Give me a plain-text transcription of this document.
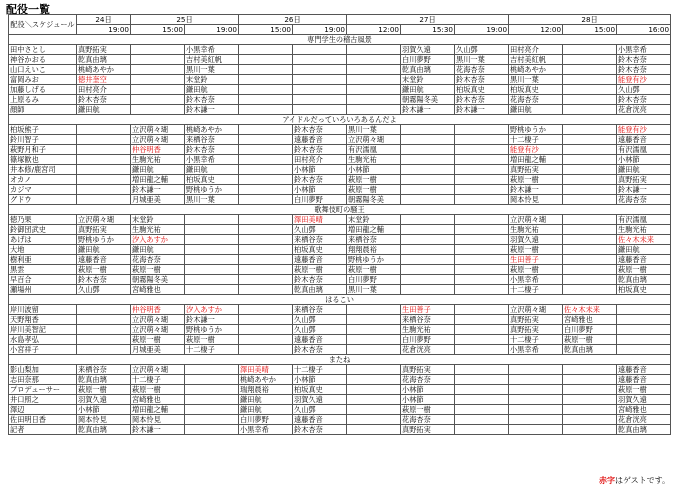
配役一覧
配役＼スケジュール	24日	25日		26日		27日			28日		
	19:00	15:00	19:00	15:00	19:00	12:00	15:30	19:00	12:00	15:00	16:00
専門学生の稽古風景											
田中さとし	真野拓実		小黒幸希				羽賀久遠	久山鄧	田村亮介		小黒幸希
神谷かおる	乾真由璃		吉村美紅帆				白川夢野	黒川一葉	吉村美紅帆		鈴木杏奈
山口えいこ	桃崎あやか		黒川一葉				乾真由璃	花海杏奈	桃崎あやか		鈴木杏奈
富岡みお	徳井奎空		末堂鈴				末堂鈴	鈴木杏奈	黒川一葉		能登有沙
加藤しげる	田村亮介		鎌田航				鎌田航	柏坂真史	柏坂真史		久山鄧
上原るみ	鈴木杏奈		鈴木杏奈				朝霧陽冬美	鈴木杏奈	花海杏奈		鈴木杏奈
顔師	鎌田航		鈴木謙一				鈴木謙一	鈴木謙一	鎌田航		花倉洸亮
アイドルだっていろいろあるんだよ											
柏坂熊子		立沢萌々瑚	桃崎あやか		鈴木杏奈	黒川一葉			野桃ゆうか		能登有沙
鈴川智子		立沢萌々瑚	来栖谷奈		遠藤香音	立沢萌々瑚			十二棲子		遠藤香音
萩野月和子		仲谷明香	鈴木杏奈		鈴木杏奈	有沢濡凰			能登有沙		有沢濡凰
篠塚歓也		生駒光祐	小黒幸希		田村亮介	生駒光祐			増田龍之輔		小林節
井本修/鹿宮司		鎌田航	鎌田航		小林節	小林節			真野拓実		鎌田航
オカノ		増田龍之輔	柏坂真史		鈴木杏奈	萩原一樹			萩原一樹		真野拓実
カジマ		鈴木謙一	野桃ゆうか		小林節	萩原一樹			鈴木謙一		鈴木謙一
グドウ		月城亜美	黒川一葉		白川夢野	朝霧陽冬美			岡本怜見		花海杏奈
歌舞伎町の騒王											
徳乃果	立沢萌々瑚	末堂鈴			澤田美晴	末堂鈴			立沢萌々瑚		有沢濡凰
鈴御団武史	真野拓実	生駒光祐			久山鄧	増田龍之輔			生駒光祐		生駒光祐
あげは	野桃ゆうか	汐入あすか			来栖谷奈	来栖谷奈			羽賀久遠		佐々木未来
大地	鎌田航	鎌田航			柏坂真史	翔翔晨裕			萩原一樹		鎌田航
樹利亜	遠藤香音	花海杏奈			遠藤香音	野桃ゆうか			生田善子		遠藤香音
黒雲	萩原一樹	萩原一樹			萩原一樹	萩原一樹			萩原一樹		萩原一樹
早百合	鈴木杏奈	朝霧陽冬美			鈴木杏奈	白川夢野			小黒幸希		乾真由璃
瀬場州	久山鄧	宮崎雅也			乾真由璃	黒川一葉			十二棲子		柏坂真史
はるこい											
岸川波留		仲谷明香	汐入あすか		来栖谷奈		生田善子		立沢萌々瑚	佐々木未来	
天野翔香		立沢萌々瑚	鈴木謙一		久山鄧		来栖谷奈		真野拓実	宮崎雅也	
岸川美智記		立沢萌々瑚	野桃ゆうか		久山鄧		生駒光祐		真野拓実	白川夢野	
水島孝弘		萩原一樹	萩原一樹		遠藤香音		白川夢野		十二棲子	萩原一樹	
小宮祥子		月城亜美	十二棲子		鈴木杏奈		花倉洸亮		小黒幸希	乾真由璃	
またね											
影山梨加	来栖谷奈	立沢萌々瑚		澤田美晴	十二棲子		真野拓実				遠藤香音
志田奈那	乾真由璃	十二棲子		桃崎あやか	小林節		花海杏奈				遠藤香音
プロデューサー	萩原一樹	萩原一樹		瑞翔晨裕	柏坂真史		小林節				萩原一樹
井口照之	羽賀久遠	宮崎雅也		鎌田航	羽賀久遠		小林節				羽賀久遠
澤辺	小林節	増田龍之輔		鎌田航	久山鄧		萩原一樹				宮崎雅也
佐田明日香	岡本怜見	岡本怜見		白川夢野	遠藤香音		花海杏奈				花倉洸亮
記者	乾真由璃	鈴木謙一		小黒幸希	鈴木杏奈		真野拓実				乾真由璃
赤字はゲストです。
